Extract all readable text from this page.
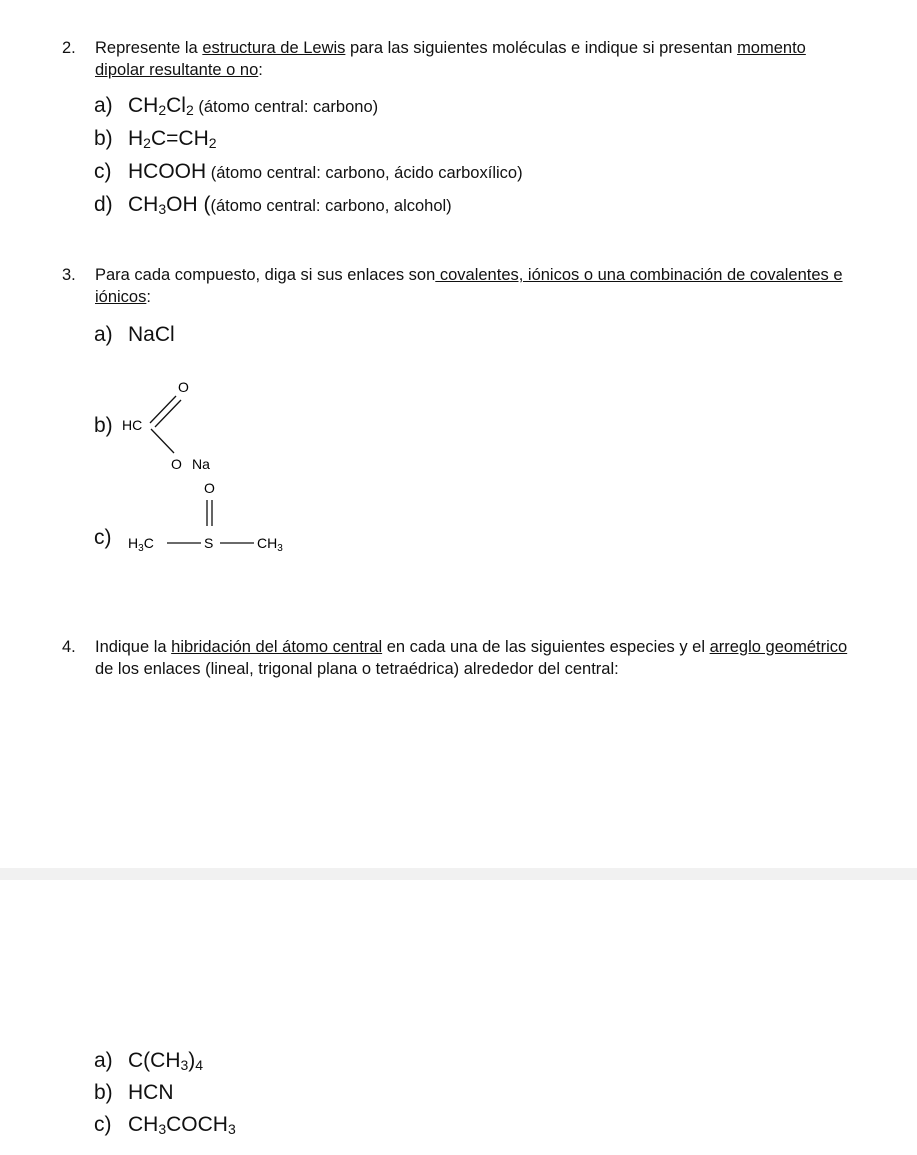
2. Represente la estructura de Lewis para las siguientes moléculas e indique si presentan momento dipolar resultante o no:
a) $CH_2Cl_2$ (átomo central: carbono)
b) $H_2C=CH_2$
c) HCOOH (átomo central: carbono, ácido carboxílico)
d) $CH_3OH$ ((átomo central: carbono, alcohol)
3. Para cada compuesto, diga si sus enlaces son covalentes, iónicos o una combinación de covalentes e iónicos:
a) NaCl
b) HC
O
O Na
c) $H_3C$	S
O
$CH_3$
4. Indique la hibridación del átomo central en cada una de las siguientes especies y el arreglo geométrico de los enlaces (lineal, trigonal plana o tetraédrica) alrededor del central:
a) $C(CH_3)_4$
b) HCN
c) $CH_3COCH_3$
